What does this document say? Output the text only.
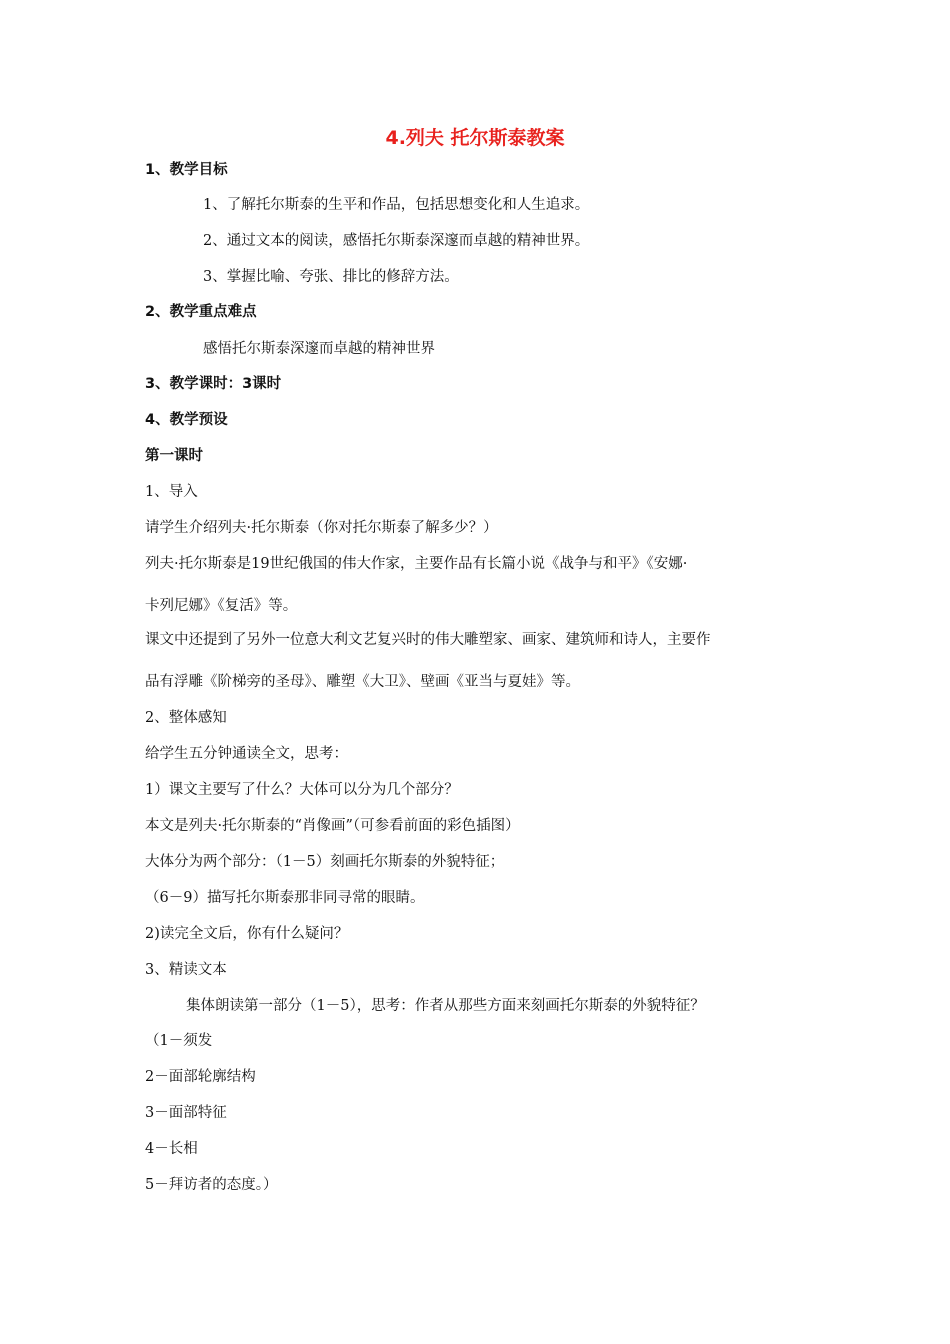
4.列夫 托尔斯泰教案

1、教学目标

1、了解托尔斯泰的生平和作品，包括思想变化和人生追求。

2、通过文本的阅读，感悟托尔斯泰深邃而卓越的精神世界。

3、掌握比喻、夸张、排比的修辞方法。

2、教学重点难点

感悟托尔斯泰深邃而卓越的精神世界

3、教学课时：3课时

4、教学预设

第一课时

1、导入

请学生介绍列夫·托尔斯泰（你对托尔斯泰了解多少？）

列夫·托尔斯泰是19世纪俄国的伟大作家，主要作品有长篇小说《战争与和平》《安娜·

卡列尼娜》《复活》等。

课文中还提到了另外一位意大利文艺复兴时的伟大雕塑家、画家、建筑师和诗人，主要作

品有浮雕《阶梯旁的圣母》、雕塑《大卫》、壁画《亚当与夏娃》等。

2、整体感知

给学生五分钟通读全文，思考：

1）课文主要写了什么？大体可以分为几个部分？

本文是列夫·托尔斯泰的“肖像画”（可参看前面的彩色插图）

大体分为两个部分：（1－5）刻画托尔斯泰的外貌特征；

（6－9）描写托尔斯泰那非同寻常的眼睛。

2)读完全文后，你有什么疑问？

3、精读文本

集体朗读第一部分（1－5），思考：作者从那些方面来刻画托尔斯泰的外貌特征？

（1－须发

2－面部轮廓结构

3－面部特征

4－长相

5－拜访者的态度。）
